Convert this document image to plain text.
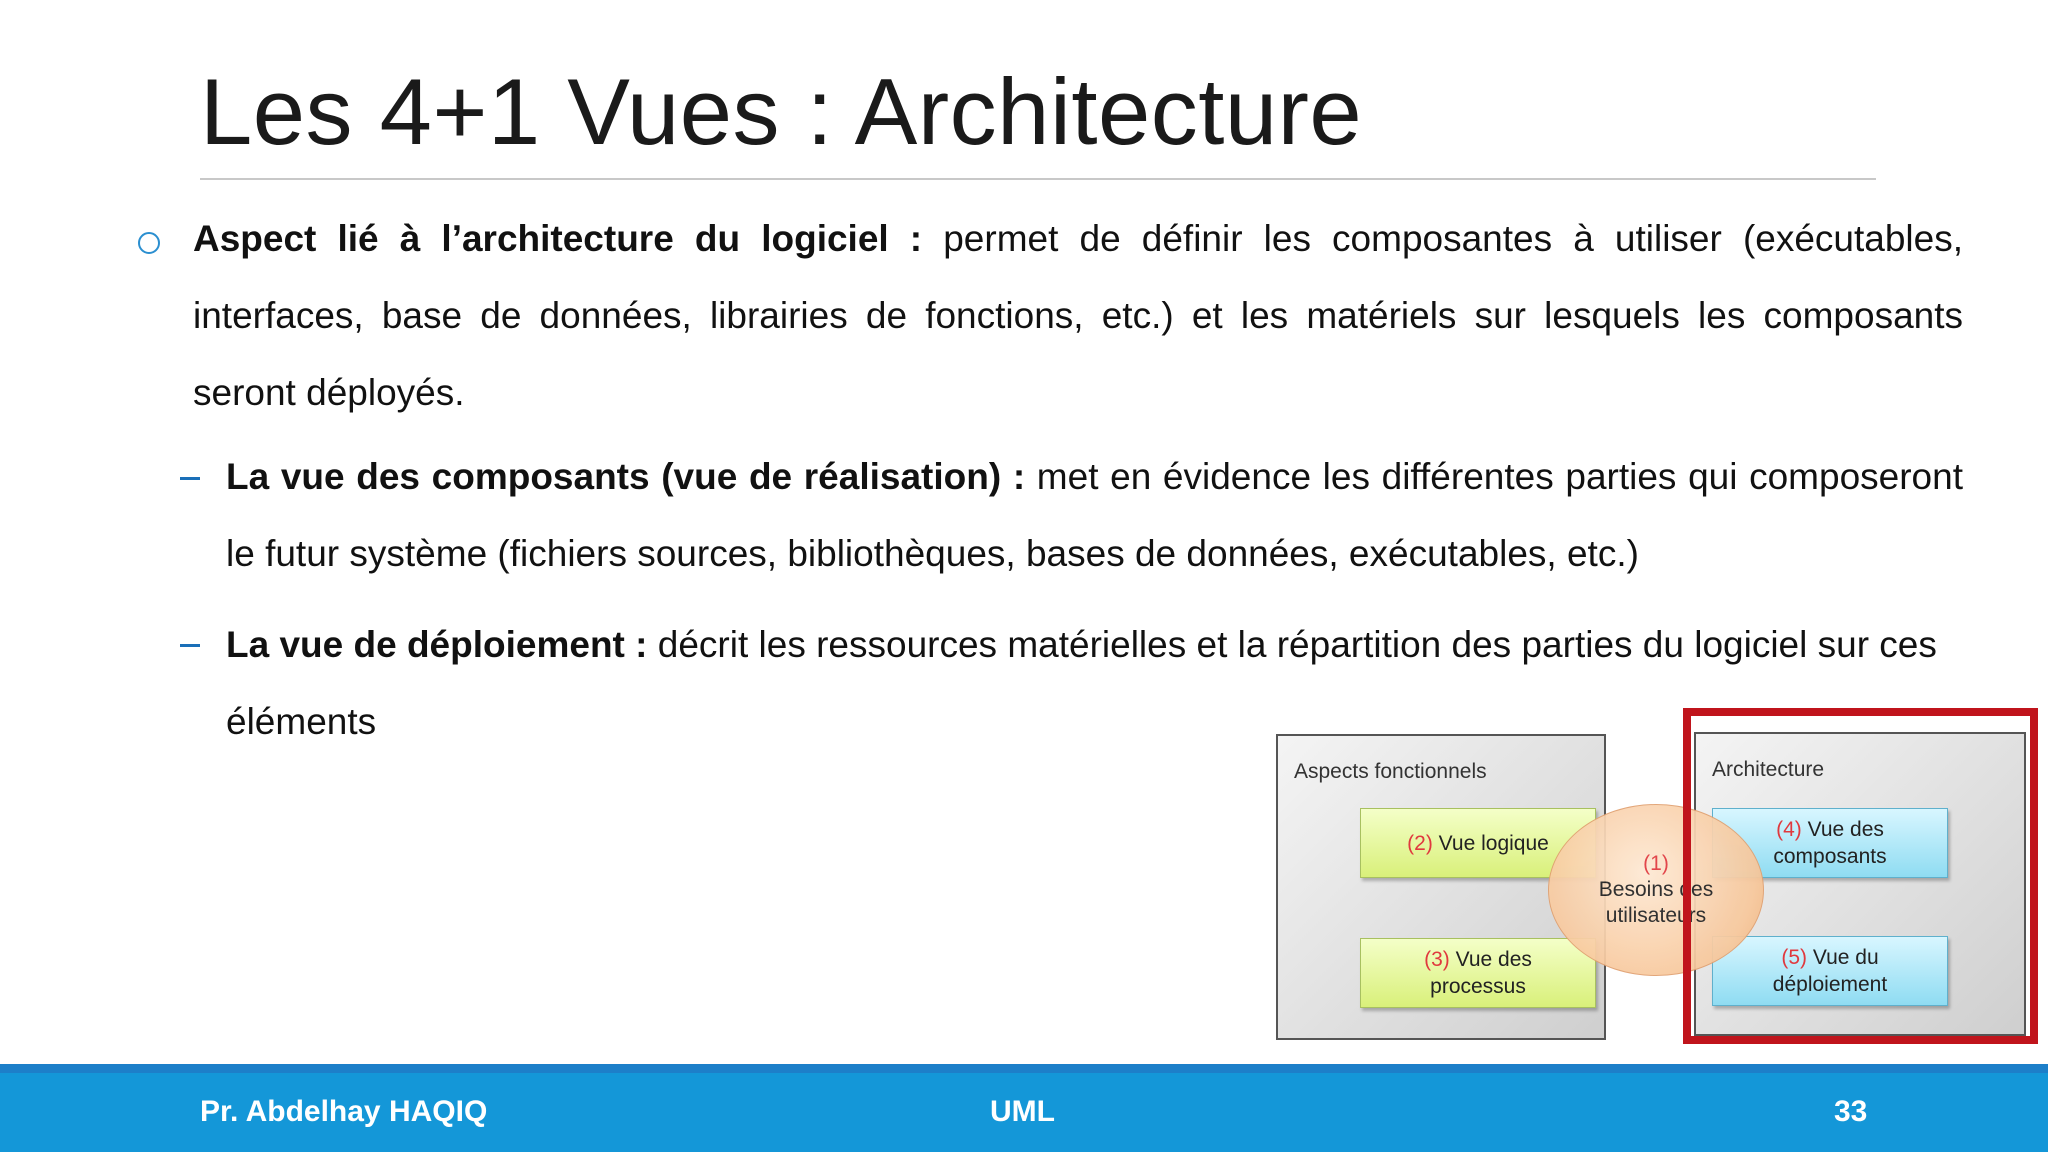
Les 4+1 Vues : Architecture

Aspect lié à l’architecture du logiciel : permet de définir les composantes à utiliser (exécutables, interfaces, base de données, librairies de fonctions, etc.) et les matériels sur lesquels les composants seront déployés.

La vue des composants (vue de réalisation) : met en évidence les différentes parties qui composeront le futur système (fichiers sources, bibliothèques, bases de données, exécutables, etc.)

La vue de déploiement : décrit les ressources matérielles et la répartition des parties du logiciel sur ces éléments

Aspects fonctionnels	Architecture
(2) Vue logique
(3) Vue des
processus
(4) Vue des
composants
(5) Vue du
déploiement
(1)
Besoins des
utilisateurs
Pr. Abdelhay HAQIQ	UML	33
